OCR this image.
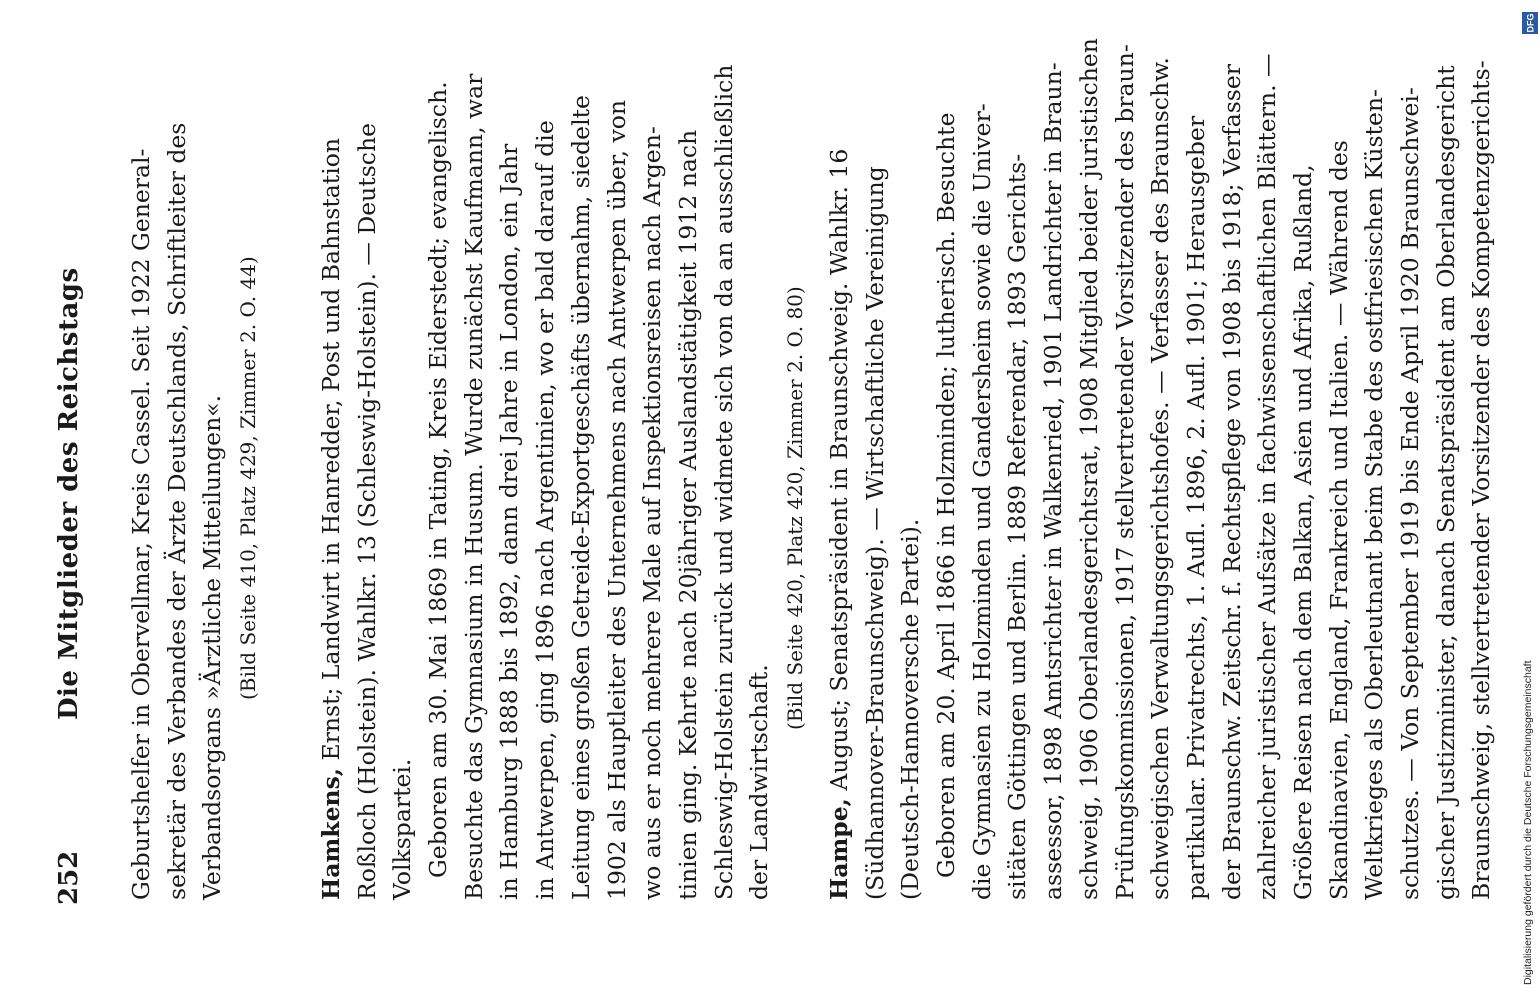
252
Die Mitglieder des Reichstags Geburtshelfer in Obervellmar, Kreis Cassel. Seit 1922 General- sekretär des Verbandes der Ärzte Deutschlands, Schriftleiter des Verbandsorgans »Ärztliche Mitteilungen«. (Bild Seite 410, Platz 429, Zimmer 2. O. 44)
Hamkens, Ernst; Landwirt in Hanredder, Post und Bahnstation Roßloch (Holstein). Wahlkr. 13 (Schleswig-Holstein). — Deutsche Volkspartei. Geboren am 30. Mai 1869 in Tating, Kreis Eiderstedt; evangelisch. Besuchte das Gymnasium in Husum. Wurde zunächst Kaufmann, war in Hamburg 1888 bis 1892, dann drei Jahre in London, ein Jahr in Antwerpen, ging 1896 nach Argentinien, wo er bald darauf die Leitung eines großen Getreide-Exportgeschäfts übernahm, siedelte 1902 als Hauptleiter des Unternehmens nach Antwerpen über, von wo aus er noch mehrere Male auf Inspektionsreisen nach Argen- tinien ging. Kehrte nach 20jähriger Auslandstätigkeit 1912 nach Schleswig-Holstein zurück und widmete sich von da an ausschließlich der Landwirtschaft.
(Bild Seite 420, Platz 420, Zimmer 2. O. 80)
Hampe, August; Senatspräsident in Braunschweig. Wahlkr. 16 (Südhannover-Braunschweig). — Wirtschaftliche Vereinigung (Deutsch-Hannoversche Partei). Geboren am 20. April 1866 in Holzminden; lutherisch. Besuchte die Gymnasien zu Holzminden und Gandersheim sowie die Univer- sitäten Göttingen und Berlin. 1889 Referendar, 1893 Gerichts- assessor, 1898 Amtsrichter in Walkenried, 1901 Landrichter in Braun- schweig, 1906 Oberlandesgerichtsrat, 1908 Mitglied beider juristischen Prüfungskommissionen, 1917 stellvertretender Vorsitzender des braun- schweigischen Verwaltungsgerichtshofes. — Verfasser des Braunschw. partikular. Privatrechts, 1. Aufl. 1896, 2. Aufl. 1901; Herausgeber der Braunschw. Zeitschr. f. Rechtspflege von 1908 bis 1918; Verfasser zahlreicher juristischer Aufsätze in fachwissenschaftlichen Blättern. — Größere Reisen nach dem Balkan, Asien und Afrika, Rußland, Skandinavien, England, Frankreich und Italien. — Während des Weltkrieges als Oberleutnant beim Stabe des ostfriesischen Küsten- schutzes. — Von September 1919 bis Ende April 1920 Braunschwei- gischer Justizminister, danach Senatspräsident am Oberlandesgericht Braunschweig, stellvertretender Vorsitzender des Kompetenzgerichts-
DFG
Digitalisierung gefördert durch die Deutsche Forschungsgemeinschaft
